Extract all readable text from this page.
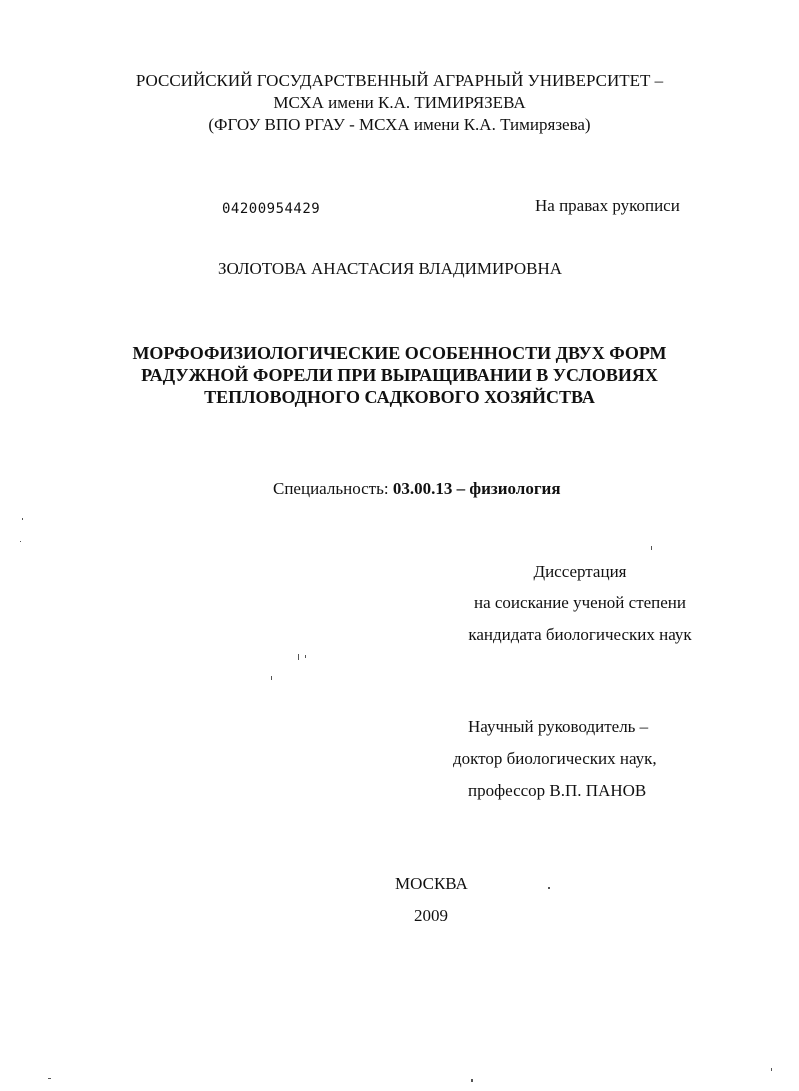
РОССИЙСКИЙ ГОСУДАРСТВЕННЫЙ АГРАРНЫЙ УНИВЕРСИТЕТ –
МСХА имени К.А. ТИМИРЯЗЕВА
(ФГОУ ВПО РГАУ - МСХА имени К.А. Тимирязева)
04200954429	На правах рукописи
ЗОЛОТОВА АНАСТАСИЯ ВЛАДИМИРОВНА
МОРФОФИЗИОЛОГИЧЕСКИЕ ОСОБЕННОСТИ ДВУХ ФОРМ
РАДУЖНОЙ ФОРЕЛИ ПРИ ВЫРАЩИВАНИИ В УСЛОВИЯХ
ТЕПЛОВОДНОГО САДКОВОГО ХОЗЯЙСТВА
Специальность: 03.00.13 – физиология
Диссертация
на соискание ученой степени
кандидата биологических наук
Научный руководитель –
доктор биологических наук,
профессор В.П. ПАНОВ
МОСКВА
2009
